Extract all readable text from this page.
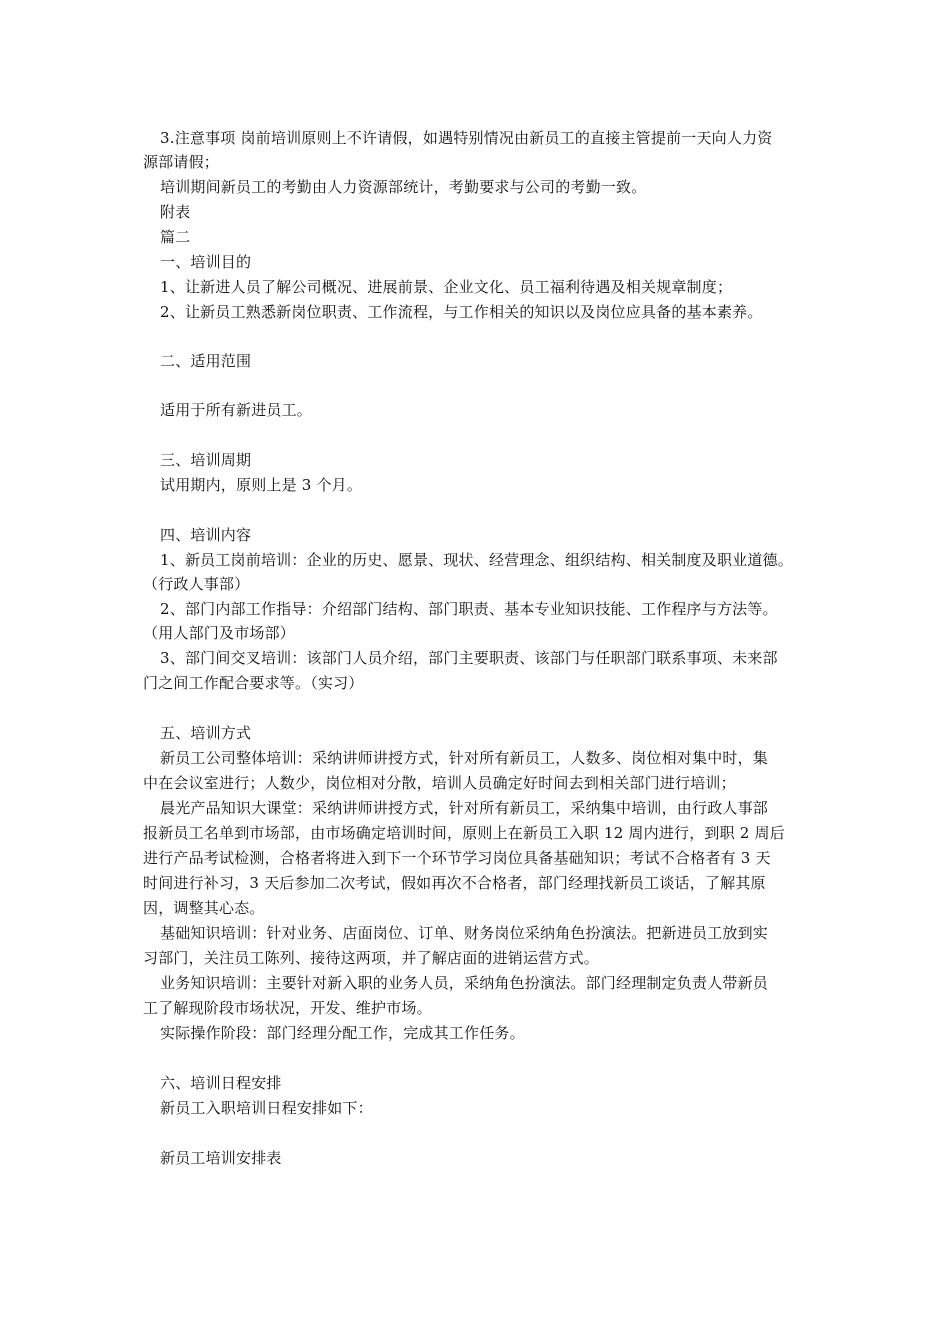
3.注意事项 岗前培训原则上不许请假，如遇特别情况由新员工的直接主管提前一天向人力资
源部请假；
培训期间新员工的考勤由人力资源部统计，考勤要求与公司的考勤一致。
附表
篇二
一、培训目的
1、让新进人员了解公司概况、进展前景、企业文化、员工福利待遇及相关规章制度；
2、让新员工熟悉新岗位职责、工作流程，与工作相关的知识以及岗位应具备的基本素养。
二、适用范围
适用于所有新进员工。
三、培训周期
试用期内，原则上是 3 个月。
四、培训内容
1、新员工岗前培训：企业的历史、愿景、现状、经营理念、组织结构、相关制度及职业道德。
（行政人事部）
2、部门内部工作指导：介绍部门结构、部门职责、基本专业知识技能、工作程序与方法等。
（用人部门及市场部）
3、部门间交叉培训：该部门人员介绍，部门主要职责、该部门与任职部门联系事项、未来部
门之间工作配合要求等。（实习）
五、培训方式
新员工公司整体培训：采纳讲师讲授方式，针对所有新员工，人数多、岗位相对集中时，集
中在会议室进行；人数少，岗位相对分散，培训人员确定好时间去到相关部门进行培训；
晨光产品知识大课堂：采纳讲师讲授方式，针对所有新员工，采纳集中培训，由行政人事部
报新员工名单到市场部，由市场确定培训时间，原则上在新员工入职 12 周内进行，到职 2 周后
进行产品考试检测，合格者将进入到下一个环节学习岗位具备基础知识；考试不合格者有 3 天
时间进行补习，3 天后参加二次考试，假如再次不合格者，部门经理找新员工谈话，了解其原
因，调整其心态。
基础知识培训：针对业务、店面岗位、订单、财务岗位采纳角色扮演法。把新进员工放到实
习部门，关注员工陈列、接待这两项，并了解店面的进销运营方式。
业务知识培训：主要针对新入职的业务人员，采纳角色扮演法。部门经理制定负责人带新员
工了解现阶段市场状况，开发、维护市场。
实际操作阶段：部门经理分配工作，完成其工作任务。
六、培训日程安排
新员工入职培训日程安排如下：
新员工培训安排表
